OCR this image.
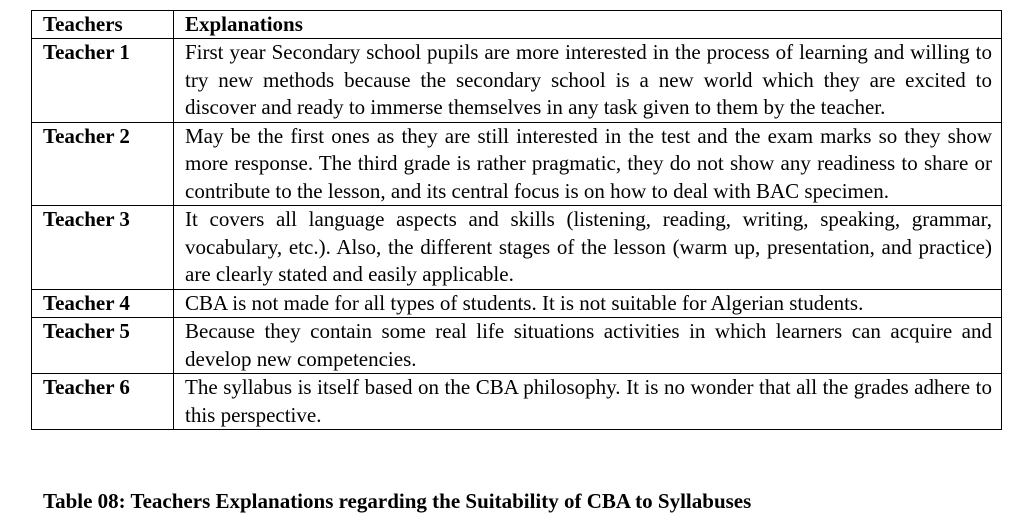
Teachers	Explanations
Teacher 1	First year Secondary school pupils are more interested in the process of learning and willing to try new methods because the secondary school is a new world which they are excited to discover and ready to immerse themselves in any task given to them by the teacher.
Teacher 2	May be the first ones as they are still interested in the test and the exam marks so they show more response. The third grade is rather pragmatic, they do not show any readiness to share or contribute to the lesson, and its central focus is on how to deal with BAC specimen.
Teacher 3	It covers all language aspects and skills (listening, reading, writing, speaking, grammar, vocabulary, etc.). Also, the different stages of the lesson (warm up, presentation, and practice) are clearly stated and easily applicable.
Teacher 4	CBA is not made for all types of students. It is not suitable for Algerian students.
Teacher 5	Because they contain some real life situations activities in which learners can acquire and develop new competencies.
Teacher 6	The syllabus is itself based on the CBA philosophy. It is no wonder that all the grades adhere to this perspective.
Table 08: Teachers Explanations regarding the Suitability of CBA to Syllabuses
